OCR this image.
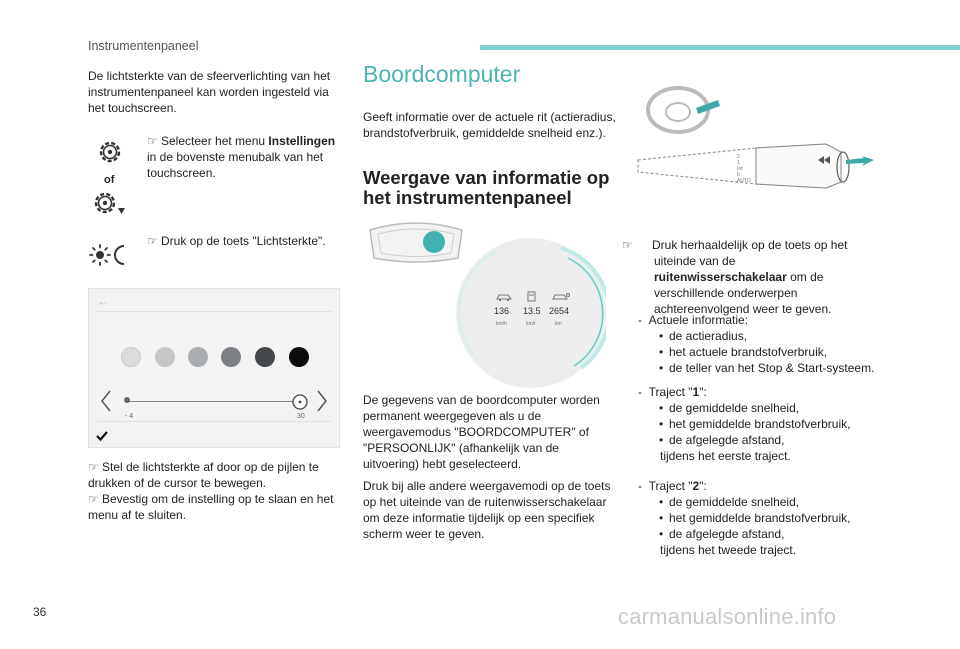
Instrumentenpaneel

De lichtsterkte van de sfeerverlichting van het instrumentenpaneel kan worden ingesteld via het touchscreen.

of

☞ Selecteer het menu Instellingen in de bovenste menubalk van het touchscreen.

☞ Druk op de toets "Lichtsterkte".

←
- 4	30

☞ Stel de lichtsterkte af door op de pijlen te drukken of de cursor te bewegen.

☞ Bevestig om de instelling op te slaan en het menu af te sluiten.

Boordcomputer

Geeft informatie over de actuele rit (actieradius, brandstofverbruik, gemiddelde snelheid enz.).

Weergave van informatie op
het instrumentenpaneel
136 13.5 2654
km/h	km/l	km

De gegevens van de boordcomputer worden permanent weergegeven als u de weergavemodus "BOORDCOMPUTER" of "PERSOONLIJK" (afhankelijk van de uitvoering) hebt geselecteerd.

Druk bij alle andere weergavemodi op de toets op het uiteinde van de ruitenwisserschakelaar om deze informatie tijdelijk op een specifiek scherm weer te geven.

2
1
Int
0
AUTO

☞ Druk herhaaldelijk op de toets op het uiteinde van de ruitenwisserschakelaar om de verschillende onderwerpen achtereenvolgend weer te geven.

-  Actuele informatie:
• de actieradius,
• het actuele brandstofverbruik,
• de teller van het Stop & Start-systeem.
-  Traject "1":
• de gemiddelde snelheid,
• het gemiddelde brandstofverbruik,
• de afgelegde afstand,
tijdens het eerste traject.
-  Traject "2":
• de gemiddelde snelheid,
• het gemiddelde brandstofverbruik,
• de afgelegde afstand,
tijdens het tweede traject.
36	carmanualsonline.info
